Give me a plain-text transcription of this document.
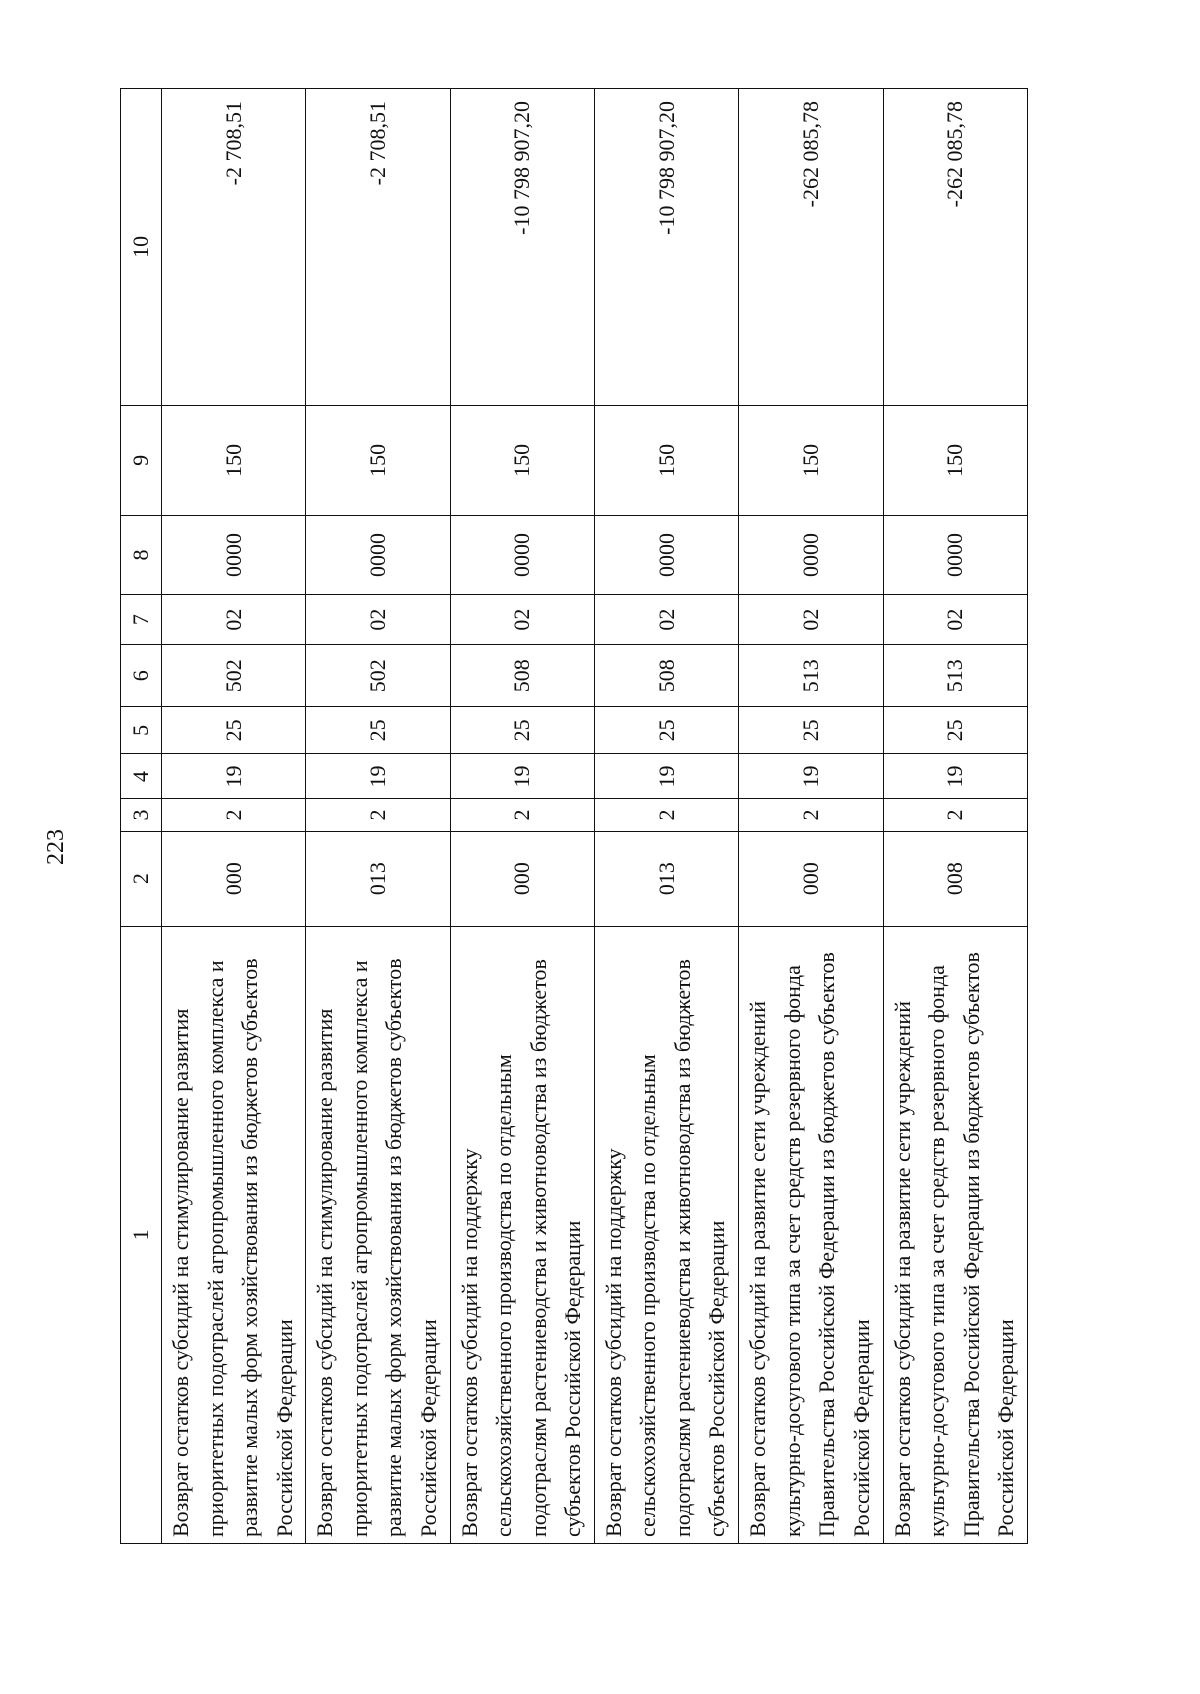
223
1	2	3	4	5	6	7	8	9	10
Возврат остатков субсидий на стимулирование развития приоритетных подотраслей агропромышленного комплекса и развитие малых форм хозяйствования из бюджетов субъектов Российской Федерации	000	2	19	25	502	02	0000	150	-2 708,51
Возврат остатков субсидий на стимулирование развития приоритетных подотраслей агропромышленного комплекса и развитие малых форм хозяйствования из бюджетов субъектов Российской Федерации	013	2	19	25	502	02	0000	150	-2 708,51
Возврат остатков субсидий на поддержку сельскохозяйственного производства по отдельным подотраслям растениеводства и животноводства из бюджетов субъектов Российской Федерации	000	2	19	25	508	02	0000	150	-10 798 907,20
Возврат остатков субсидий на поддержку сельскохозяйственного производства по отдельным подотраслям растениеводства и животноводства из бюджетов субъектов Российской Федерации	013	2	19	25	508	02	0000	150	-10 798 907,20
Возврат остатков субсидий на развитие сети учреждений культурно-досугового типа за счет средств резервного фонда Правительства Российской Федерации из бюджетов субъектов Российской Федерации	000	2	19	25	513	02	0000	150	-262 085,78
Возврат остатков субсидий на развитие сети учреждений культурно-досугового типа за счет средств резервного фонда Правительства Российской Федерации из бюджетов субъектов Российской Федерации	008	2	19	25	513	02	0000	150	-262 085,78
